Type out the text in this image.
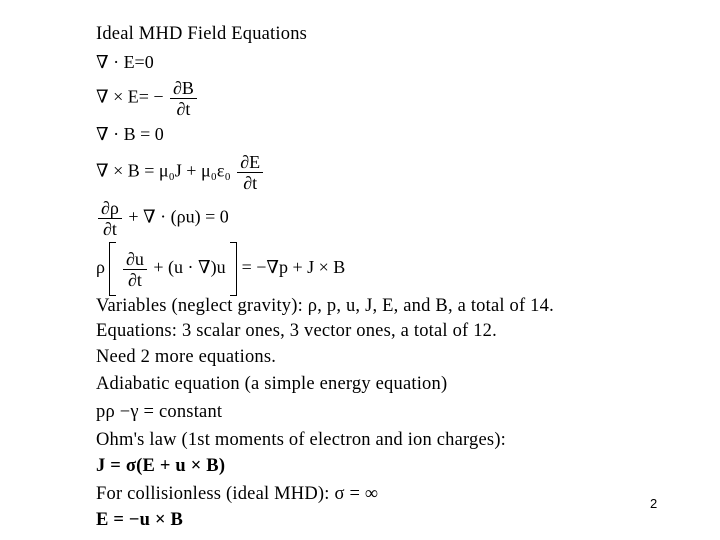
Ideal MHD Field Equations
∇ · E=0
∇ × $E= - \frac{\partial B}{\partial t}$
∇ · B = 0
∇ × $B = \mu_0J + \mu_0\varepsilon_0 \frac{\partial E}{\partial t}$
$\frac{\partial\rho}{\partial t}$ + ∇ · (ρu) = 0
ρ $\frac{\partial u}{\partial t} + (u \cdot \nabla)u = -\nabla p + J \times B$
Variables (neglect gravity): ρ, p, u, J, E, and B, a total of 14.
Equations: 3 scalar ones, 3 vector ones, a total of 12.
Need 2 more equations.
Adiabatic equation (a simple energy equation)
pρ −γ = constant
Ohm's law (1st moments of electron and ion charges):
J = σ(E + u × B)
For collisionless (ideal MHD): σ = ∞
E = −u × B
2
